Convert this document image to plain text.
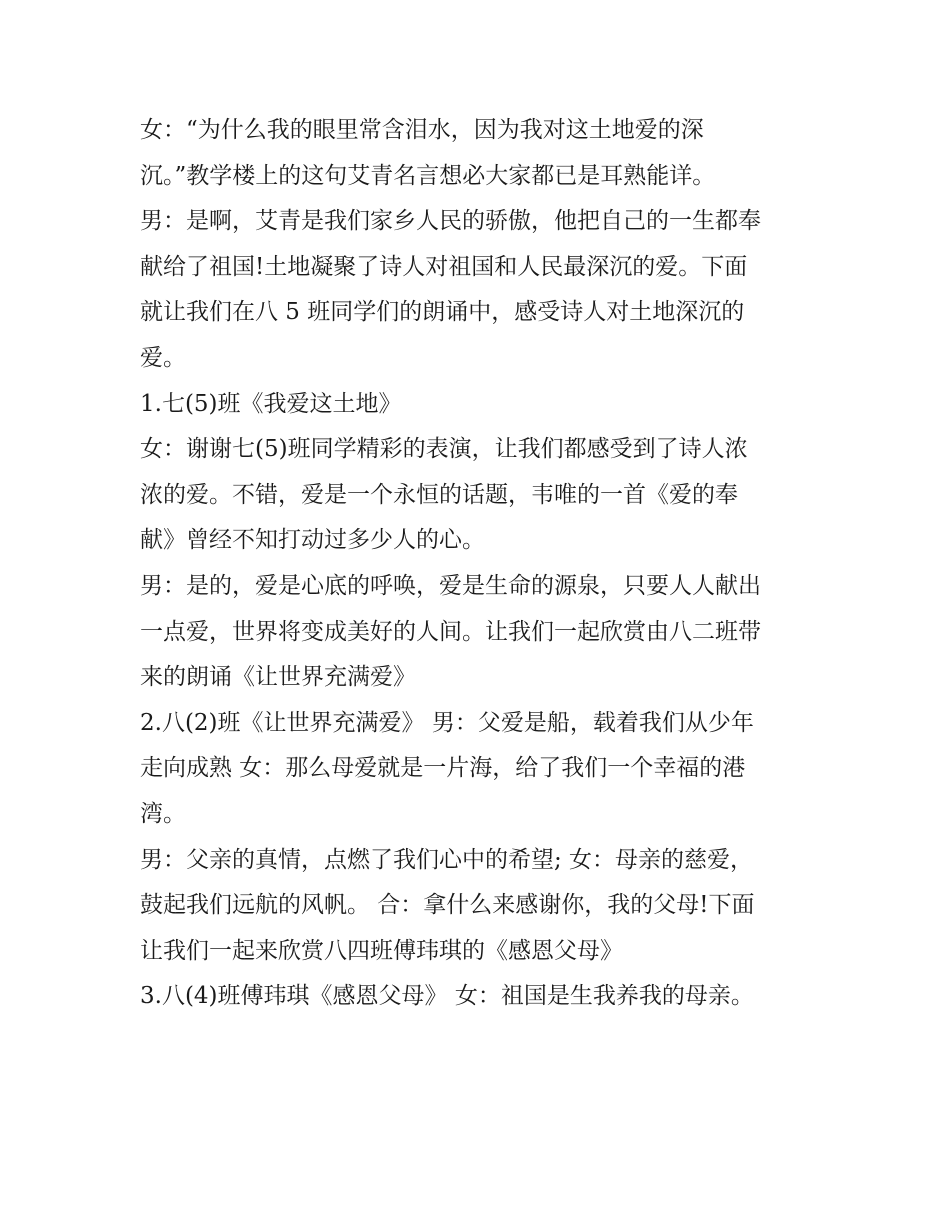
女：“为什么我的眼里常含泪水，因为我对这土地爱的深

沉。”教学楼上的这句艾青名言想必大家都已是耳熟能详。

男：是啊，艾青是我们家乡人民的骄傲，他把自己的一生都奉

献给了祖国!土地凝聚了诗人对祖国和人民最深沉的爱。下面

就让我们在八 5 班同学们的朗诵中，感受诗人对土地深沉的

爱。

1.七(5)班《我爱这土地》

女：谢谢七(5)班同学精彩的表演，让我们都感受到了诗人浓

浓的爱。不错，爱是一个永恒的话题，韦唯的一首《爱的奉

献》曾经不知打动过多少人的心。

男：是的，爱是心底的呼唤，爱是生命的源泉，只要人人献出

一点爱，世界将变成美好的人间。让我们一起欣赏由八二班带

来的朗诵《让世界充满爱》

2.八(2)班《让世界充满爱》 男：父爱是船，载着我们从少年

走向成熟 女：那么母爱就是一片海，给了我们一个幸福的港

湾。

男：父亲的真情，点燃了我们心中的希望; 女：母亲的慈爱，

鼓起我们远航的风帆。 合：拿什么来感谢你，我的父母!下面

让我们一起来欣赏八四班傅玮琪的《感恩父母》

3.八(4)班傅玮琪《感恩父母》 女：祖国是生我养我的母亲。
